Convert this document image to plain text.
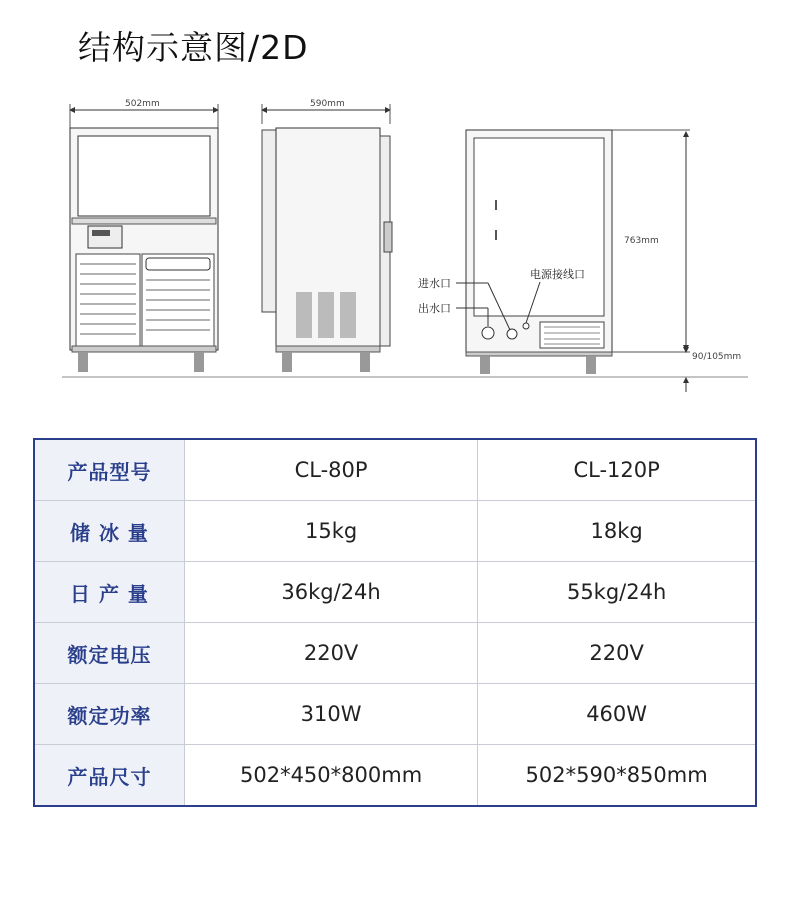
结构示意图/2D
502mm	590mm
进水口
出水口
电源接线口
763mm
90/105mm
产品型号	CL-80P	CL-120P
储 冰 量	15kg	18kg
日 产 量	36kg/24h	55kg/24h
额定电压	220V	220V
额定功率	310W	460W
产品尺寸	502*450*800mm	502*590*850mm
